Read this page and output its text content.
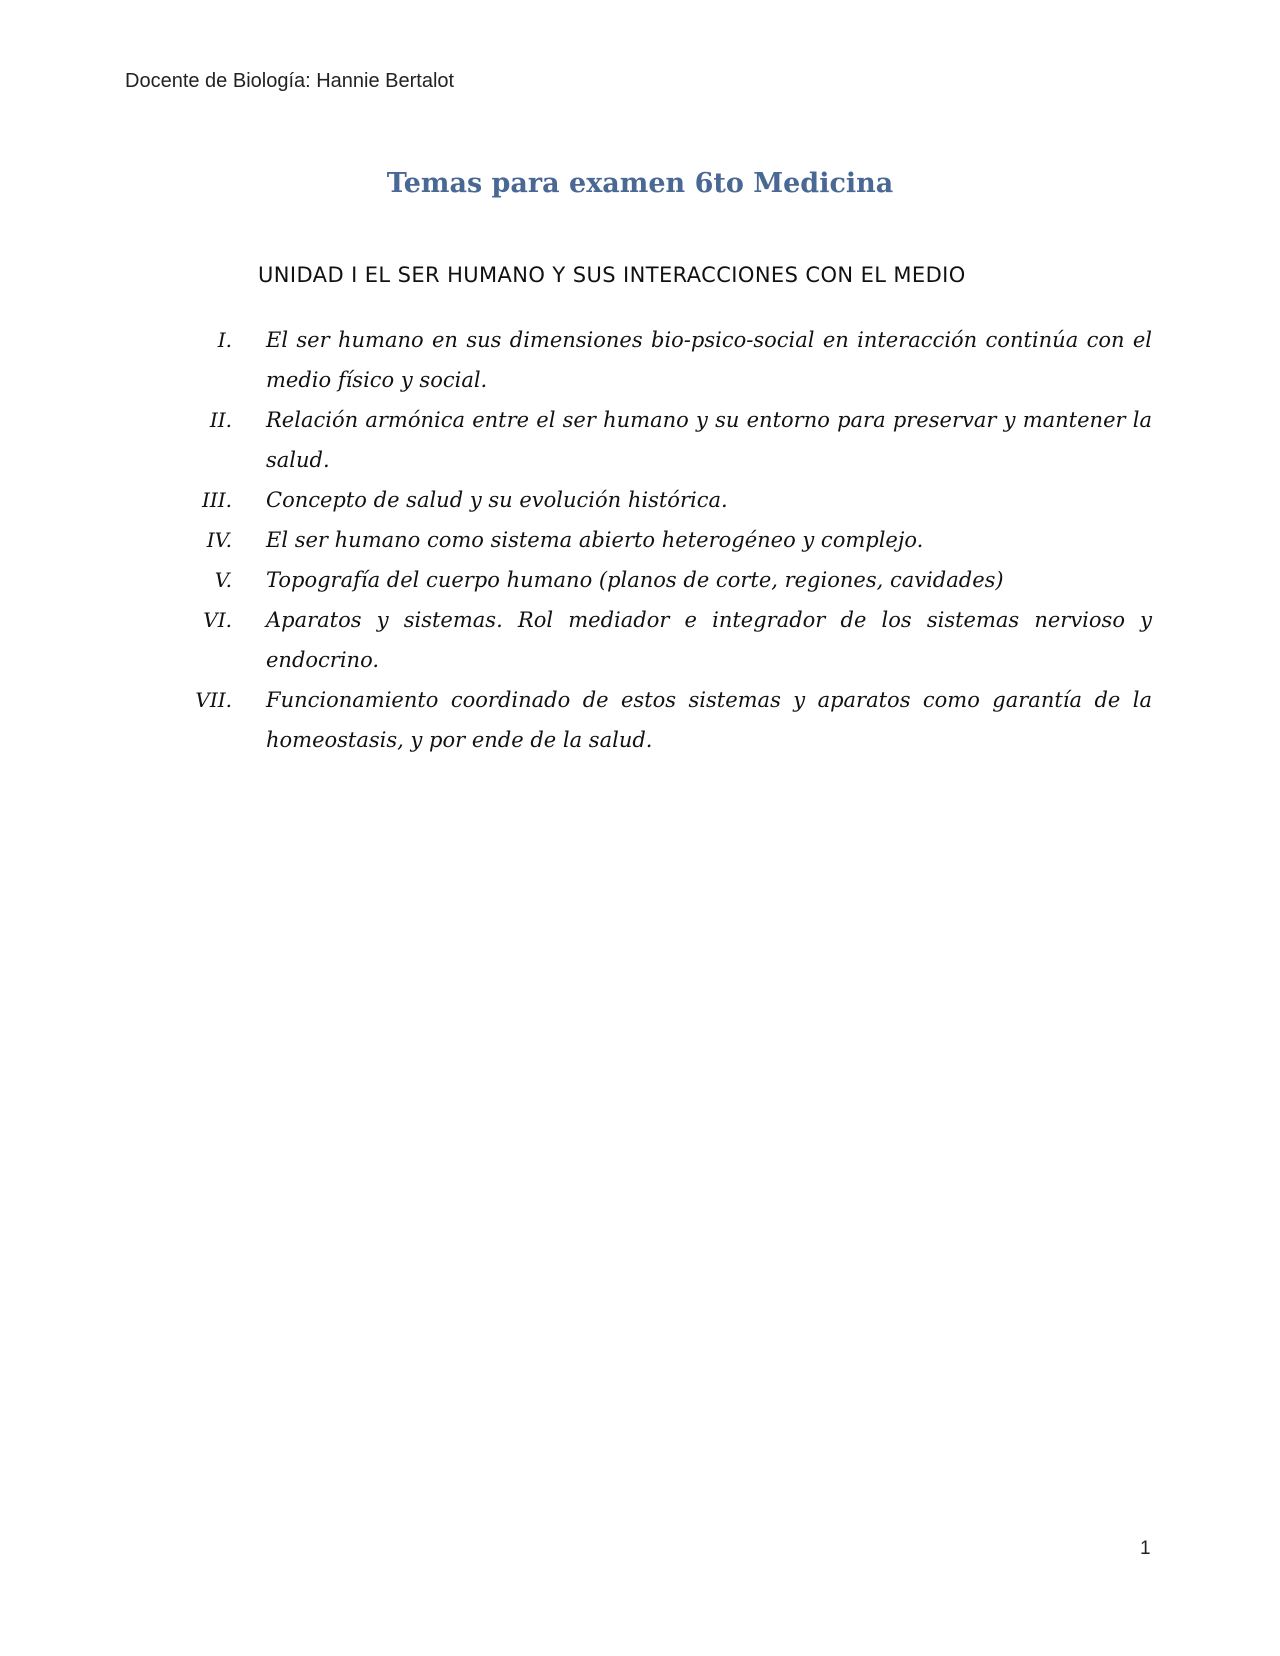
Docente de Biología: Hannie Bertalot
Temas para examen 6to Medicina
UNIDAD I EL SER HUMANO Y SUS INTERACCIONES CON EL MEDIO
I.	El ser humano en sus dimensiones bio-psico-social en interacción continúa con el medio físico y social.
II.	Relación armónica entre el ser humano y su entorno para preservar y mantener la salud.
III.	Concepto de salud y su evolución histórica.
IV.	El ser humano como sistema abierto heterogéneo y complejo.
V.	Topografía del cuerpo humano (planos de corte, regiones, cavidades)
VI.	Aparatos y sistemas. Rol mediador e integrador de los sistemas nervioso y endocrino.
VII.	Funcionamiento coordinado de estos sistemas y aparatos como garantía de la homeostasis, y por ende de la salud.
1
